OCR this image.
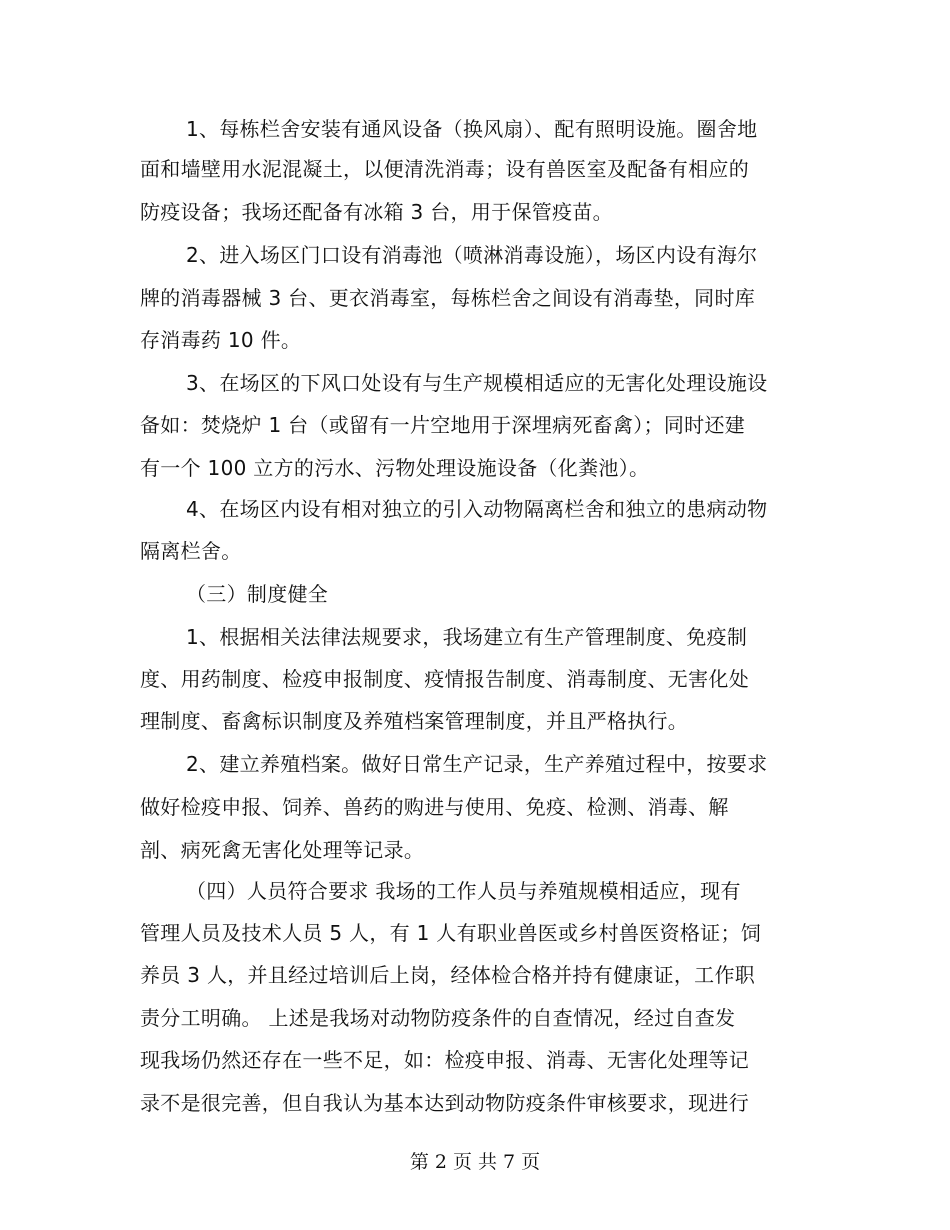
1、每栋栏舍安装有通风设备（换风扇）、配有照明设施。圈舍地
面和墙壁用水泥混凝土，以便清洗消毒；设有兽医室及配备有相应的
防疫设备；我场还配备有冰箱 3 台，用于保管疫苗。
2、进入场区门口设有消毒池（喷淋消毒设施），场区内设有海尔
牌的消毒器械 3 台、更衣消毒室，每栋栏舍之间设有消毒垫，同时库
存消毒药 10 件。
3、在场区的下风口处设有与生产规模相适应的无害化处理设施设
备如：焚烧炉 1 台（或留有一片空地用于深埋病死畜禽）；同时还建
有一个 100 立方的污水、污物处理设施设备（化粪池）。
4、在场区内设有相对独立的引入动物隔离栏舍和独立的患病动物
隔离栏舍。
（三）制度健全
1、根据相关法律法规要求，我场建立有生产管理制度、免疫制
度、用药制度、检疫申报制度、疫情报告制度、消毒制度、无害化处
理制度、畜禽标识制度及养殖档案管理制度，并且严格执行。
2、建立养殖档案。做好日常生产记录，生产养殖过程中，按要求
做好检疫申报、饲养、兽药的购进与使用、免疫、检测、消毒、解
剖、病死禽无害化处理等记录。
（四）人员符合要求 我场的工作人员与养殖规模相适应，现有
管理人员及技术人员 5 人，有 1 人有职业兽医或乡村兽医资格证；饲
养员 3 人，并且经过培训后上岗，经体检合格并持有健康证，工作职
责分工明确。 上述是我场对动物防疫条件的自查情况，经过自查发
现我场仍然还存在一些不足，如：检疫申报、消毒、无害化处理等记
录不是很完善，但自我认为基本达到动物防疫条件审核要求，现进行
第 2 页 共 7 页
